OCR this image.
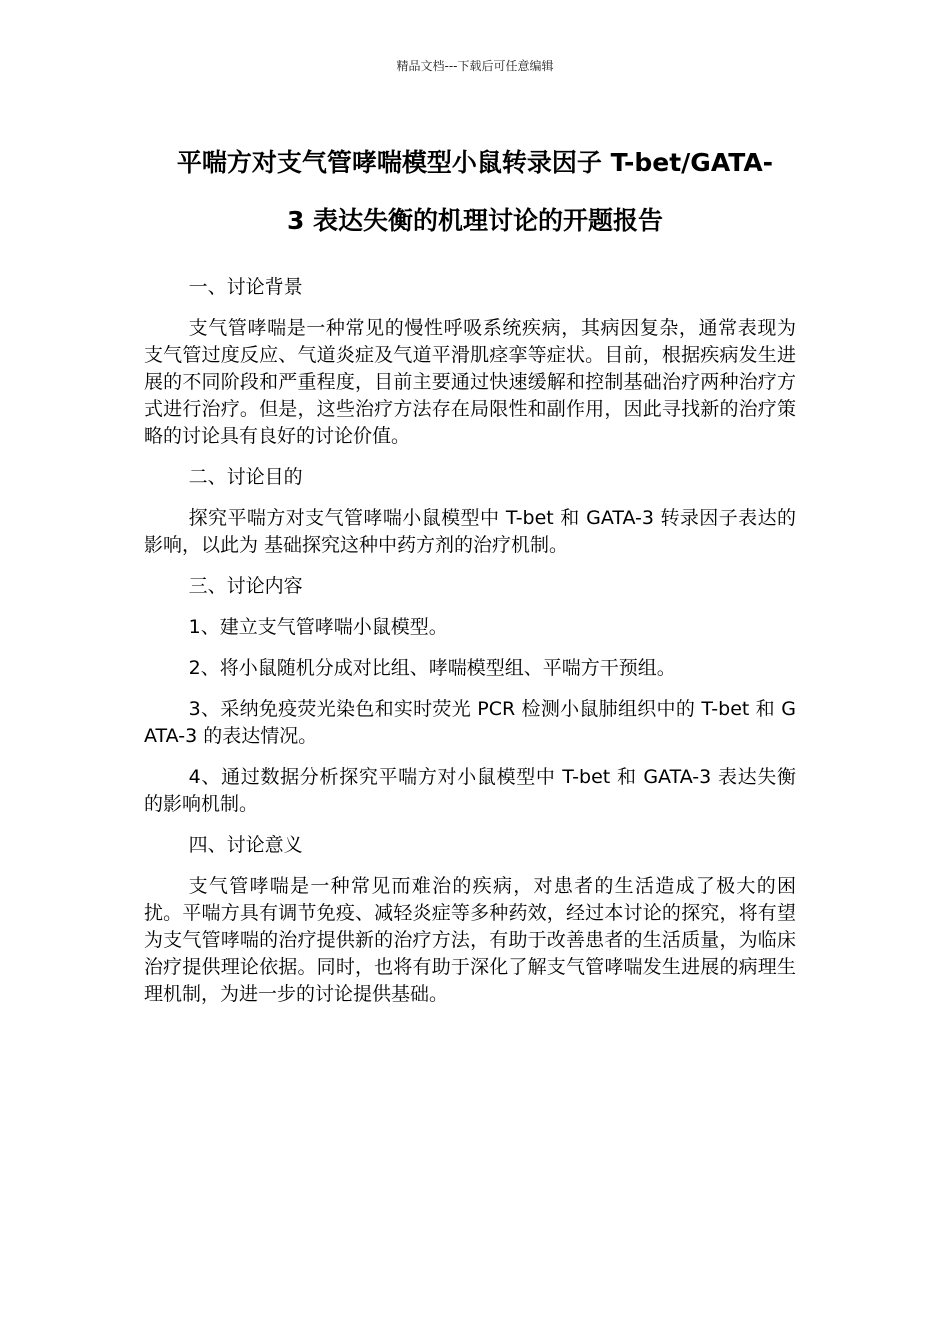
精品文档---下载后可任意编辑
平喘方对支气管哮喘模型小鼠转录因子 T-bet/GATA-
3 表达失衡的机理讨论的开题报告

一、讨论背景

支气管哮喘是一种常见的慢性呼吸系统疾病，其病因复杂，通常表现为支气管过度反应、气道炎症及气道平滑肌痉挛等症状。目前，根据疾病发生进展的不同阶段和严重程度，目前主要通过快速缓解和控制基础治疗两种治疗方式进行治疗。但是，这些治疗方法存在局限性和副作用，因此寻找新的治疗策略的讨论具有良好的讨论价值。

二、讨论目的

探究平喘方对支气管哮喘小鼠模型中 T-bet 和 GATA-3 转录因子表达的影响，以此为 基础探究这种中药方剂的治疗机制。

三、讨论内容

1、建立支气管哮喘小鼠模型。

2、将小鼠随机分成对比组、哮喘模型组、平喘方干预组。

3、采纳免疫荧光染色和实时荧光 PCR 检测小鼠肺组织中的 T-bet 和 GATA-3 的表达情况。

4、通过数据分析探究平喘方对小鼠模型中 T-bet 和 GATA-3 表达失衡的影响机制。

四、讨论意义

支气管哮喘是一种常见而难治的疾病，对患者的生活造成了极大的困扰。平喘方具有调节免疫、减轻炎症等多种药效，经过本讨论的探究，将有望为支气管哮喘的治疗提供新的治疗方法，有助于改善患者的生活质量，为临床治疗提供理论依据。同时，也将有助于深化了解支气管哮喘发生进展的病理生理机制，为进一步的讨论提供基础。
